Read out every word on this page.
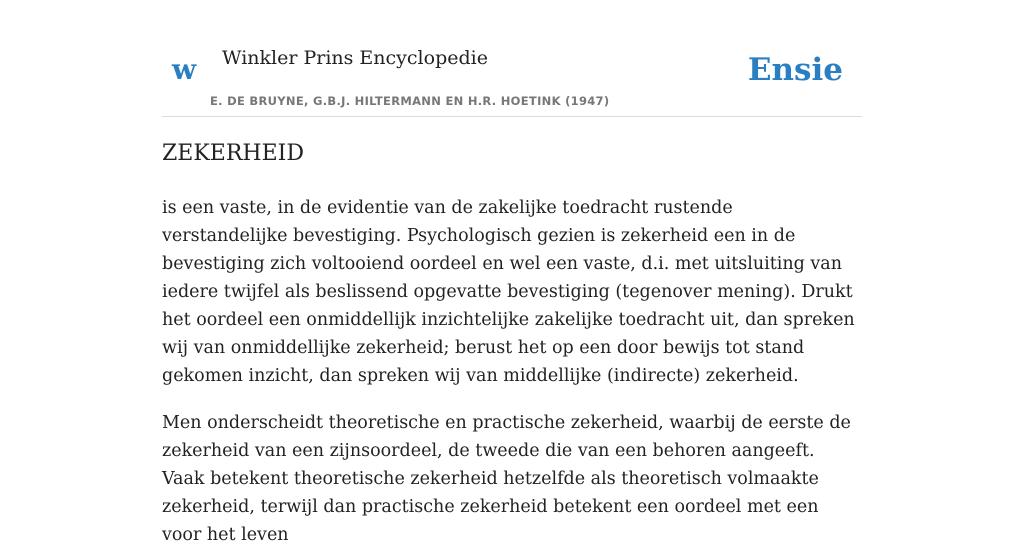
w Winkler Prins Encyclopedie
E. DE BRUYNE, G.B.J. HILTERMANN EN H.R. HOETINK (1947)
Ensie
ZEKERHEID

is een vaste, in de evidentie van de zakelijke toedracht rustende verstandelijke bevestiging. Psychologisch gezien is zekerheid een in de bevestiging zich voltooiend oordeel en wel een vaste, d.i. met uitsluiting van iedere twijfel als beslissend opgevatte bevestiging (tegenover mening). Drukt het oordeel een onmiddellijk inzichtelijke zakelijke toedracht uit, dan spreken wij van onmiddellijke zekerheid; berust het op een door bewijs tot stand gekomen inzicht, dan spreken wij van middellijke (indirecte) zekerheid.

Men onderscheidt theoretische en practische zekerheid, waarbij de eerste de zekerheid van een zijnsoordeel, de tweede die van een behoren aangeeft. Vaak betekent theoretische zekerheid hetzelfde als theoretisch volmaakte zekerheid, terwijl dan practische zekerheid betekent een oordeel met een voor het leven
